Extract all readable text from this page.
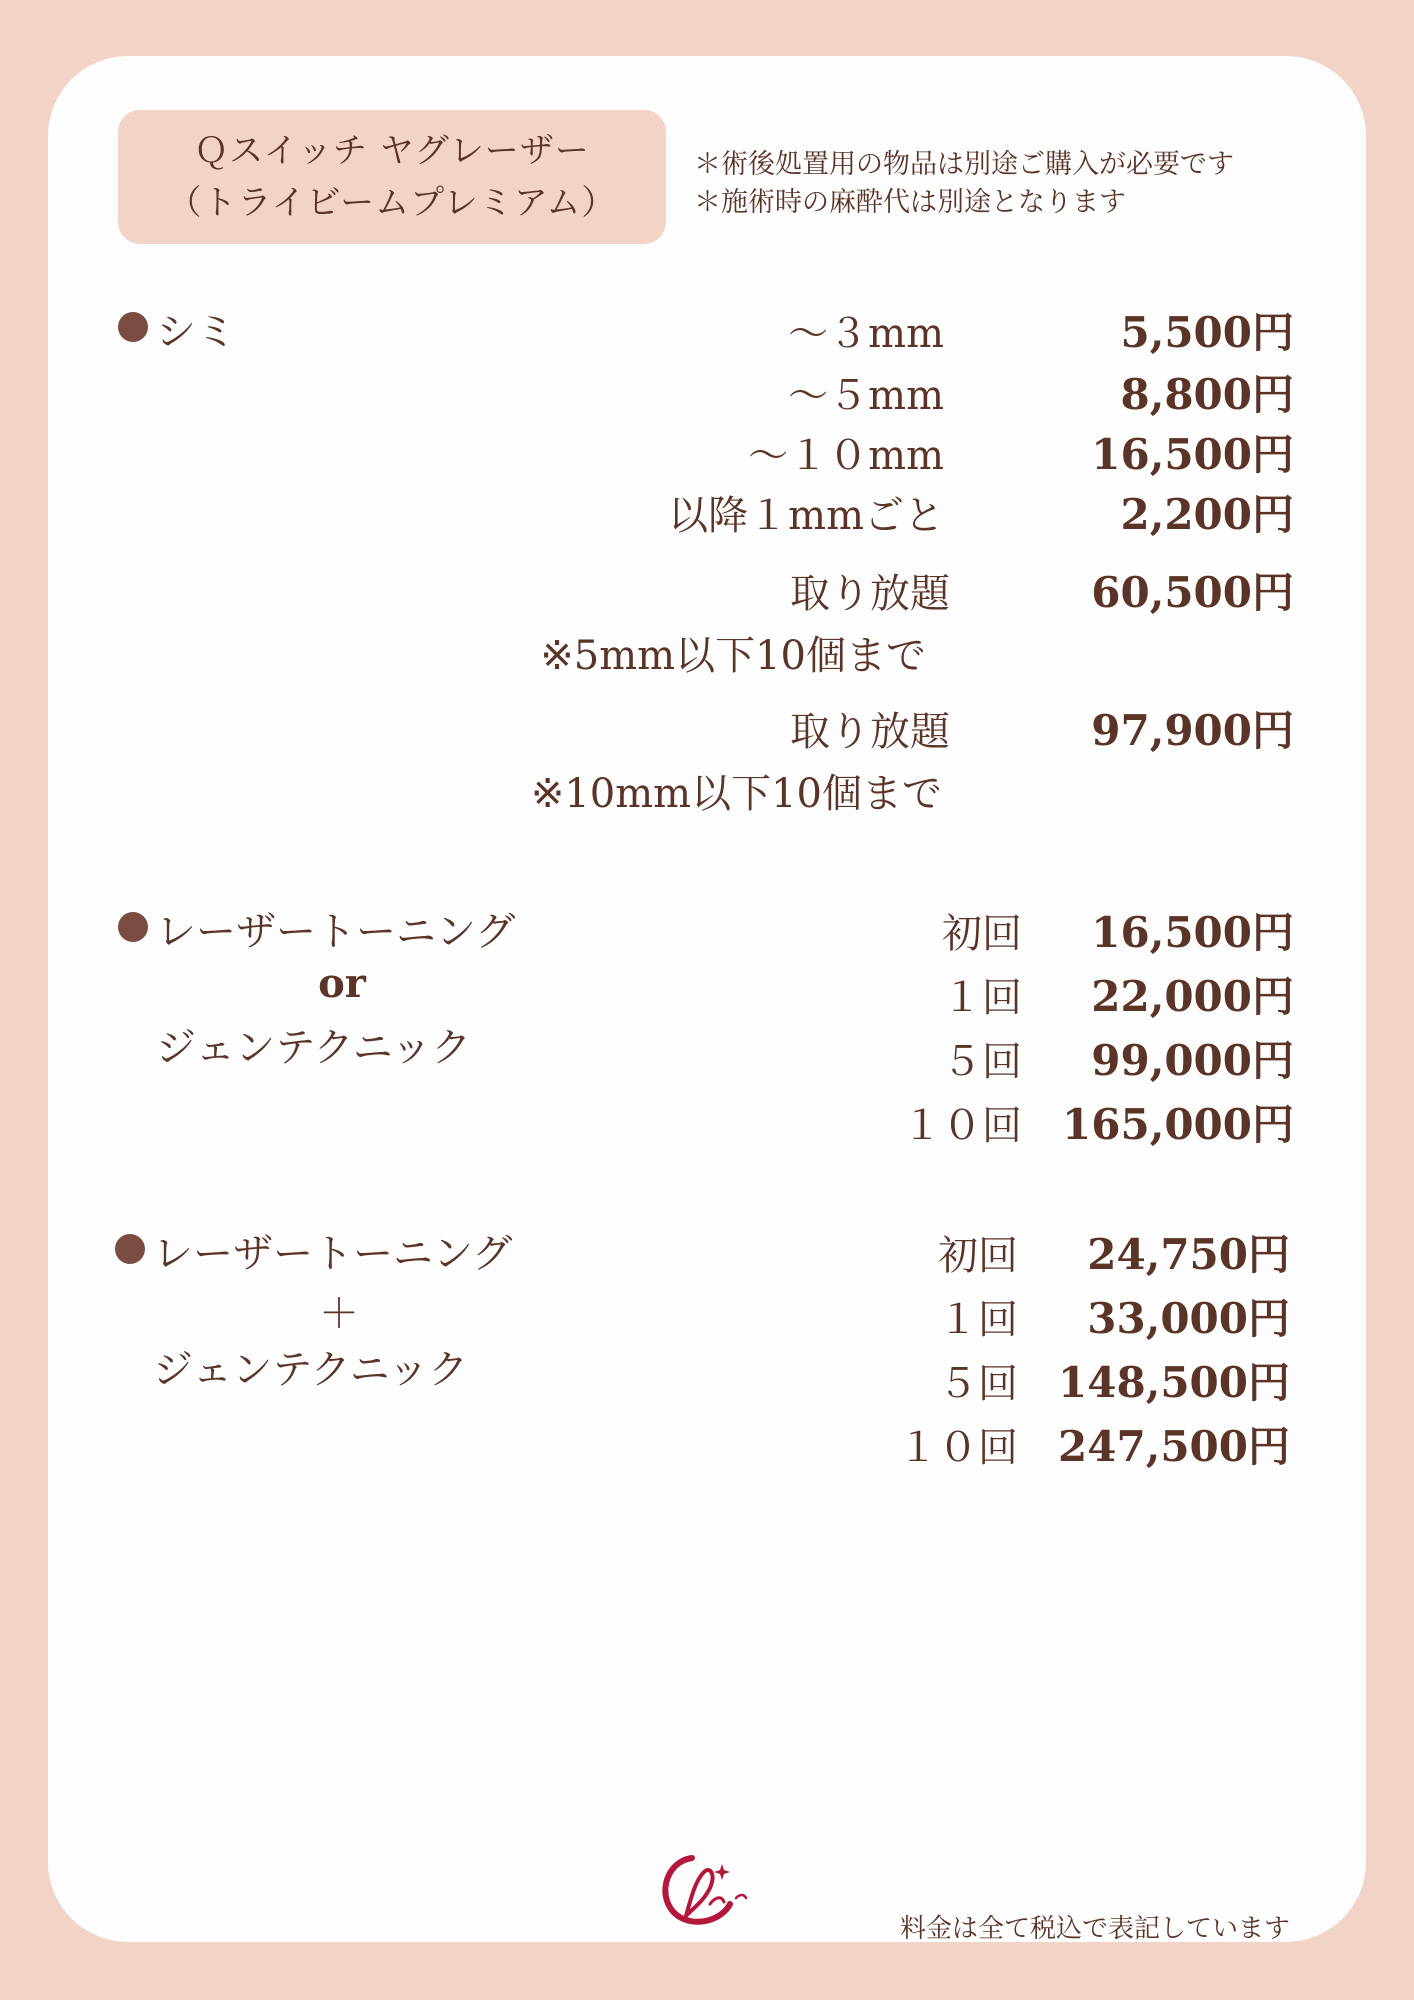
Ｑスイッチ ヤグレーザー
（トライビームプレミアム）
＊術後処置用の物品は別途ご購入が必要です
＊施術時の麻酔代は別途となります
シミ	～３mm	5,500円
～５mm	8,800円
～１０mm	16,500円
以降１mmごと	2,200円
取り放題	60,500円
※5mm以下10個まで
取り放題	97,900円
※10mm以下10個まで
レーザートーニング
or
ジェンテクニック
初回 16,500円
１回 22,000円
５回 99,000円
１０回 165,000円
レーザートーニング
＋
ジェンテクニック
初回 24,750円
１回 33,000円
５回 148,500円
１０回 247,500円
料金は全て税込で表記しています
